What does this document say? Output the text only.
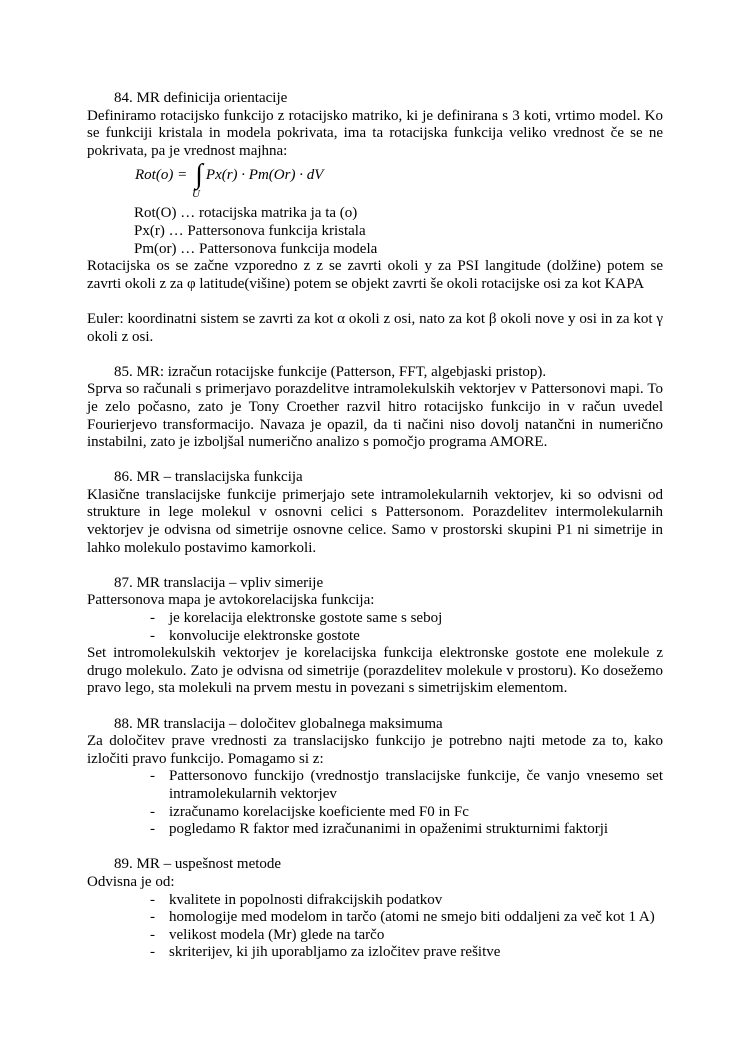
84. MR definicija orientacije
Definiramo rotacijsko funkcijo z rotacijsko matriko, ki je definirana s 3 koti, vrtimo model. Ko se funkciji kristala in modela pokrivata, ima ta rotacijska funkcija veliko vrednost če se ne pokrivata, pa je vrednost majhna:
Rot(o) = ∫
U
Px(r) · Pm(Or) · dV
Rot(O) … rotacijska matrika ja ta (o)
Px(r) … Pattersonova funkcija kristala
Pm(or) … Pattersonova funkcija modela
Rotacijska os se začne vzporedno z z se zavrti okoli y za PSI langitude (dolžine) potem se zavrti okoli z za φ latitude(višine) potem se objekt zavrti še okoli rotacijske osi za kot KAPA
Euler: koordinatni sistem se zavrti za kot α okoli z osi, nato za kot β okoli nove y osi in za kot γ okoli z osi.
85. MR: izračun rotacijske funkcije (Patterson, FFT, algebjaski pristop).
Sprva so računali s primerjavo porazdelitve intramolekulskih vektorjev v Pattersonovi mapi. To je zelo počasno, zato je Tony Croether razvil hitro rotacijsko funkcijo in v račun uvedel Fourierjevo transformacijo. Navaza je opazil, da ti načini niso dovolj natančni in numerično instabilni, zato je izboljšal numerično analizo s pomočjo programa AMORE.
86. MR – translacijska funkcija
Klasične translacijske funkcije primerjajo sete intramolekularnih vektorjev, ki so odvisni od strukture in lege molekul v osnovni celici s Pattersonom. Porazdelitev intermolekularnih vektorjev je odvisna od simetrije osnovne celice. Samo v prostorski skupini P1 ni simetrije in lahko molekulo postavimo kamorkoli.
87. MR translacija – vpliv simerije
Pattersonova mapa je avtokorelacijska funkcija:
- je korelacija elektronske gostote same s seboj
- konvolucije elektronske gostote
Set intromolekulskih vektorjev je korelacijska funkcija elektronske gostote ene molekule z drugo molekulo. Zato je odvisna od simetrije (porazdelitev molekule v prostoru). Ko dosežemo pravo lego, sta molekuli na prvem mestu in povezani s simetrijskim elementom.
88. MR translacija – določitev globalnega maksimuma
Za določitev prave vrednosti za translacijsko funkcijo je potrebno najti metode za to, kako izločiti pravo funkcijo. Pomagamo si z:
- Pattersonovo funckijo (vrednostjo translacijske funkcije, če vanjo vnesemo set intramolekularnih vektorjev
- izračunamo korelacijske koeficiente med F0 in Fc
- pogledamo R faktor med izračunanimi in opaženimi strukturnimi faktorji
89. MR – uspešnost metode
Odvisna je od:
- kvalitete in popolnosti difrakcijskih podatkov
- homologije med modelom in tarčo (atomi ne smejo biti oddaljeni za več kot 1 A)
- velikost modela (Mr) glede na tarčo
- skriterijev, ki jih uporabljamo za izločitev prave rešitve
